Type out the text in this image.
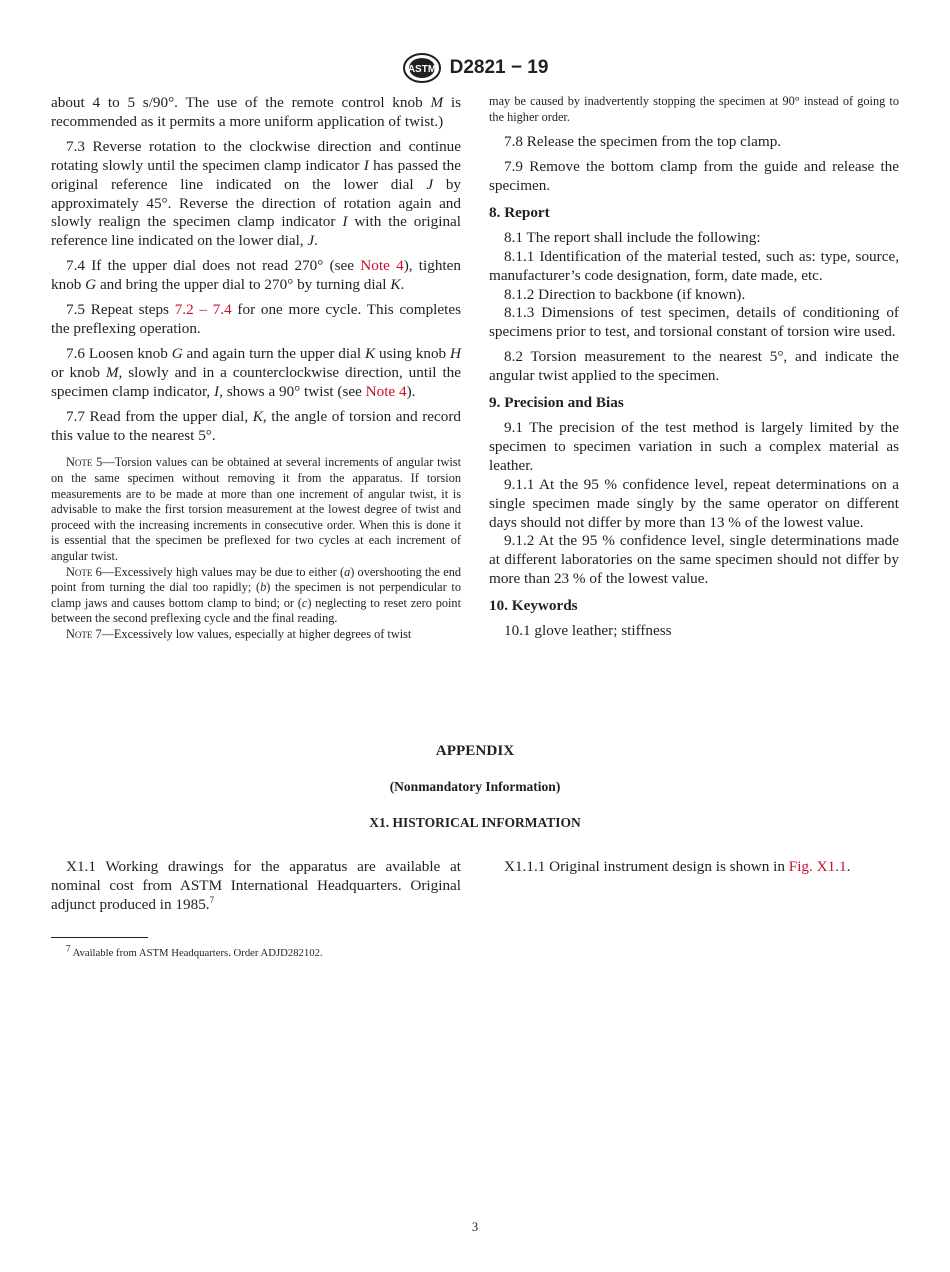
ASTM D2821 − 19

about 4 to 5 s/90°. The use of the remote control knob M is recommended as it permits a more uniform application of twist.)

7.3 Reverse rotation to the clockwise direction and continue rotating slowly until the specimen clamp indicator I has passed the original reference line indicated on the lower dial J by approximately 45°. Reverse the direction of rotation again and slowly realign the specimen clamp indicator I with the original reference line indicated on the lower dial, J.

7.4 If the upper dial does not read 270° (see Note 4), tighten knob G and bring the upper dial to 270° by turning dial K.

7.5 Repeat steps 7.2 – 7.4 for one more cycle. This completes the preflexing operation.

7.6 Loosen knob G and again turn the upper dial K using knob H or knob M, slowly and in a counterclockwise direction, until the specimen clamp indicator, I, shows a 90° twist (see Note 4).

7.7 Read from the upper dial, K, the angle of torsion and record this value to the nearest 5°.

Note 5—Torsion values can be obtained at several increments of angular twist on the same specimen without removing it from the apparatus. If torsion measurements are to be made at more than one increment of angular twist, it is advisable to make the first torsion measurement at the lowest degree of twist and proceed with the increasing increments in consecutive order. When this is done it is essential that the specimen be preflexed for two cycles at each increment of angular twist.

Note 6—Excessively high values may be due to either (a) overshooting the end point from turning the dial too rapidly; (b) the specimen is not perpendicular to clamp jaws and causes bottom clamp to bind; or (c) neglecting to reset zero point between the second preflexing cycle and the final reading.

Note 7—Excessively low values, especially at higher degrees of twist

may be caused by inadvertently stopping the specimen at 90° instead of going to the higher order.

7.8 Release the specimen from the top clamp.

7.9 Remove the bottom clamp from the guide and release the specimen.

8. Report

8.1 The report shall include the following:

8.1.1 Identification of the material tested, such as: type, source, manufacturer’s code designation, form, date made, etc.

8.1.2 Direction to backbone (if known).

8.1.3 Dimensions of test specimen, details of conditioning of specimens prior to test, and torsional constant of torsion wire used.

8.2 Torsion measurement to the nearest 5°, and indicate the angular twist applied to the specimen.

9. Precision and Bias

9.1 The precision of the test method is largely limited by the specimen to specimen variation in such a complex material as leather.

9.1.1 At the 95 % confidence level, repeat determinations on a single specimen made singly by the same operator on different days should not differ by more than 13 % of the lowest value.

9.1.2 At the 95 % confidence level, single determinations made at different laboratories on the same specimen should not differ by more than 23 % of the lowest value.

10. Keywords

10.1 glove leather; stiffness

APPENDIX
(Nonmandatory Information)
X1. HISTORICAL INFORMATION

X1.1 Working drawings for the apparatus are available at nominal cost from ASTM International Headquarters. Original adjunct produced in 1985.$^7$

X1.1.1 Original instrument design is shown in Fig. X1.1.

$^7$ Available from ASTM Headquarters. Order ADJD282102.
3
